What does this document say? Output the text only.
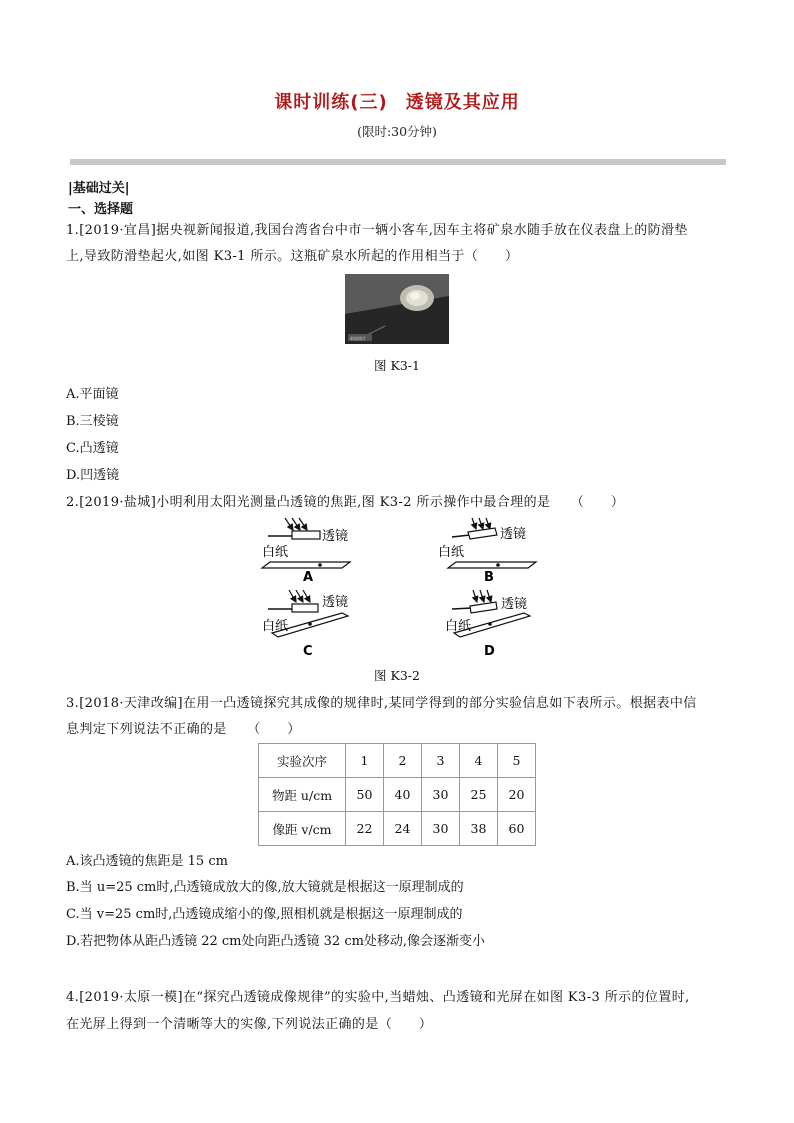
课时训练(三) 透镜及其应用
(限时:30分钟)
|基础过关|
一、选择题
1.[2019·宜昌]据央视新闻报道,我国台湾省台中市一辆小客车,因车主将矿泉水随手放在仪表盘上的防滑垫
上,导致防滑垫起火,如图 K3-1 所示。这瓶矿泉水所起的作用相当于（　　）
新闻图片
图 K3-1
A.平面镜
B.三棱镜
C.凸透镜
D.凹透镜
2.[2019·盐城]小明利用太阳光测量凸透镜的焦距,图 K3-2 所示操作中最合理的是　　（　　）
白纸
透镜
A
白纸
透镜
B
白纸
透镜
C
白纸
透镜
D
图 K3-2
3.[2018·天津改编]在用一凸透镜探究其成像的规律时,某同学得到的部分实验信息如下表所示。根据表中信
息判定下列说法不正确的是　　（　　）
实验次序	1	2	3	4	5
物距 u/cm	50	40	30	25	20
像距 v/cm	22	24	30	38	60
A.该凸透镜的焦距是 15 cm
B.当 u=25 cm时,凸透镜成放大的像,放大镜就是根据这一原理制成的
C.当 v=25 cm时,凸透镜成缩小的像,照相机就是根据这一原理制成的
D.若把物体从距凸透镜 22 cm处向距凸透镜 32 cm处移动,像会逐渐变小
4.[2019·太原一模]在“探究凸透镜成像规律”的实验中,当蜡烛、凸透镜和光屏在如图 K3-3 所示的位置时,
在光屏上得到一个清晰等大的实像,下列说法正确的是（　　）
